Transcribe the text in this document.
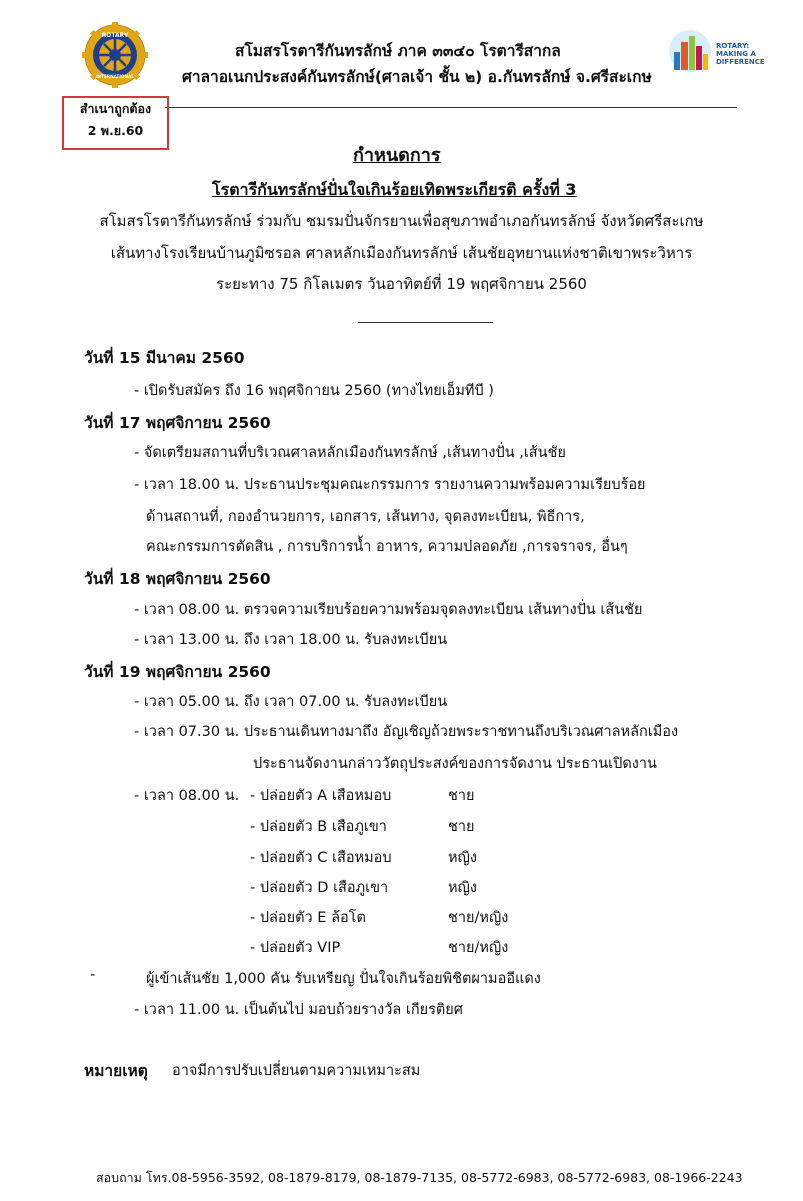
ROTARY
INTERNATIONAL
ROTARY:
MAKING A
DIFFERENCE
สโมสรโรตารีกันทรลักษ์ ภาค ๓๓๔๐ โรตารีสากล
ศาลาอเนกประสงค์กันทรลักษ์(ศาลเจ้า ชั้น ๒) อ.กันทรลักษ์ จ.ศรีสะเกษ
สำเนาถูกต้อง
2 พ.ย.60
กำหนดการ
โรตารีกันทรลักษ์ปั่นใจเกินร้อยเทิดพระเกียรติ ครั้งที่ 3
สโมสรโรตารีกันทรลักษ์ ร่วมกับ ชมรมปั่นจักรยานเพื่อสุขภาพอำเภอกันทรลักษ์ จังหวัดศรีสะเกษ
เส้นทางโรงเรียนบ้านภูมิซรอล ศาลหลักเมืองกันทรลักษ์ เส้นชัยอุทยานแห่งชาติเขาพระวิหาร
ระยะทาง 75 กิโลเมตร วันอาทิตย์ที่ 19 พฤศจิกายน 2560
วันที่ 15 มีนาคม 2560
- เปิดรับสมัคร ถึง 16 พฤศจิกายน 2560 (ทางไทยเอ็มทีบี )
วันที่ 17 พฤศจิกายน 2560
- จัดเตรียมสถานที่บริเวณศาลหลักเมืองกันทรลักษ์ ,เส้นทางปั่น ,เส้นชัย
- เวลา 18.00 น. ประธานประชุมคณะกรรมการ รายงานความพร้อมความเรียบร้อย
ด้านสถานที่, กองอำนวยการ, เอกสาร, เส้นทาง, จุดลงทะเบียน, พิธีการ,
คณะกรรมการตัดสิน , การบริการน้ำ อาหาร, ความปลอดภัย ,การจราจร, อื่นๆ
วันที่ 18 พฤศจิกายน 2560
- เวลา 08.00 น. ตรวจความเรียบร้อยความพร้อมจุดลงทะเบียน เส้นทางปั่น เส้นชัย
- เวลา 13.00 น. ถึง เวลา 18.00 น. รับลงทะเบียน
วันที่ 19 พฤศจิกายน 2560
- เวลา 05.00 น. ถึง เวลา 07.00 น. รับลงทะเบียน
- เวลา 07.30 น. ประธานเดินทางมาถึง อัญเชิญถ้วยพระราชทานถึงบริเวณศาลหลักเมือง
ประธานจัดงานกล่าววัตถุประสงค์ของการจัดงาน ประธานเปิดงาน
- เวลา 08.00 น. - ปล่อยตัว A เสือหมอบ	ชาย
- ปล่อยตัว B เสือภูเขา	ชาย
- ปล่อยตัว C เสือหมอบ	หญิง
- ปล่อยตัว D เสือภูเขา	หญิง
- ปล่อยตัว E ล้อโต	ชาย/หญิง
- ปล่อยตัว VIP	ชาย/หญิง
-	ผู้เข้าเส้นชัย 1,000 คัน รับเหรียญ ปั่นใจเกินร้อยพิชิตผามออีแดง
- เวลา 11.00 น. เป็นต้นไป มอบถ้วยรางวัล เกียรติยศ
หมายเหตุ อาจมีการปรับเปลี่ยนตามความเหมาะสม
สอบถาม โทร.08-5956-3592, 08-1879-8179, 08-1879-7135, 08-5772-6983, 08-5772-6983, 08-1966-2243
